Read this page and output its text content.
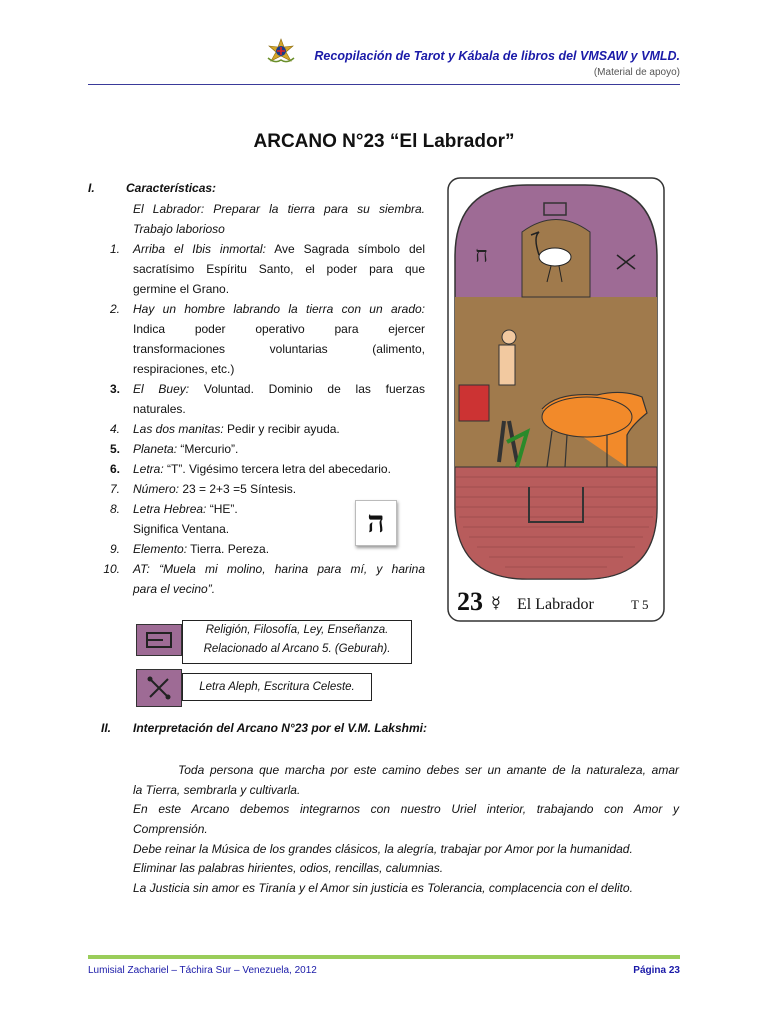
Recopilación de Tarot y Kábala de libros del VMSAW y VMLD.
(Material de apoyo)
ARCANO N°23 “El Labrador”
I.	Características:
El Labrador: Preparar la tierra para su siembra.
Trabajo laborioso
1. Arriba el Ibis inmortal: Ave Sagrada símbolo del
sacratísimo Espíritu Santo, el poder para que
germine el Grano.
2. Hay un hombre labrando la tierra con un arado:
Indica poder operativo para ejercer
transformaciones voluntarias (alimento,
respiraciones, etc.)
3. El Buey: Voluntad. Dominio de las fuerzas
naturales.
4. Las dos manitas: Pedir y recibir ayuda.
5. Planeta: “Mercurio”.
6. Letra: “T”. Vigésimo tercera letra del abecedario.
7. Número: 23 = 2+3 =5 Síntesis.
8. Letra Hebrea: “HE”.
Significa Ventana.	ה
9. Elemento: Tierra. Pereza.
10. AT: “Muela mi molino, harina para mí, y harina
para el vecino”.
ח
23 ☿ El Labrador	T 5
Religión, Filosofía, Ley, Enseñanza.
Relacionado al Arcano 5. (Geburah).
Letra Aleph, Escritura Celeste.
II. Interpretación del Arcano N°23 por el V.M. Lakshmi:
Toda persona que marcha por este camino debes ser un amante de la naturaleza, amar
la Tierra, sembrarla y cultivarla.
En este Arcano debemos integrarnos con nuestro Uriel interior, trabajando con Amor y
Comprensión.
Debe reinar la Música de los grandes clásicos, la alegría, trabajar por Amor por la humanidad.
Eliminar las palabras hirientes, odios, rencillas, calumnias.
La Justicia sin amor es Tiranía y el Amor sin justicia es Tolerancia, complacencia con el delito.
Lumisial Zachariel – Táchira Sur – Venezuela, 2012	Página 23
